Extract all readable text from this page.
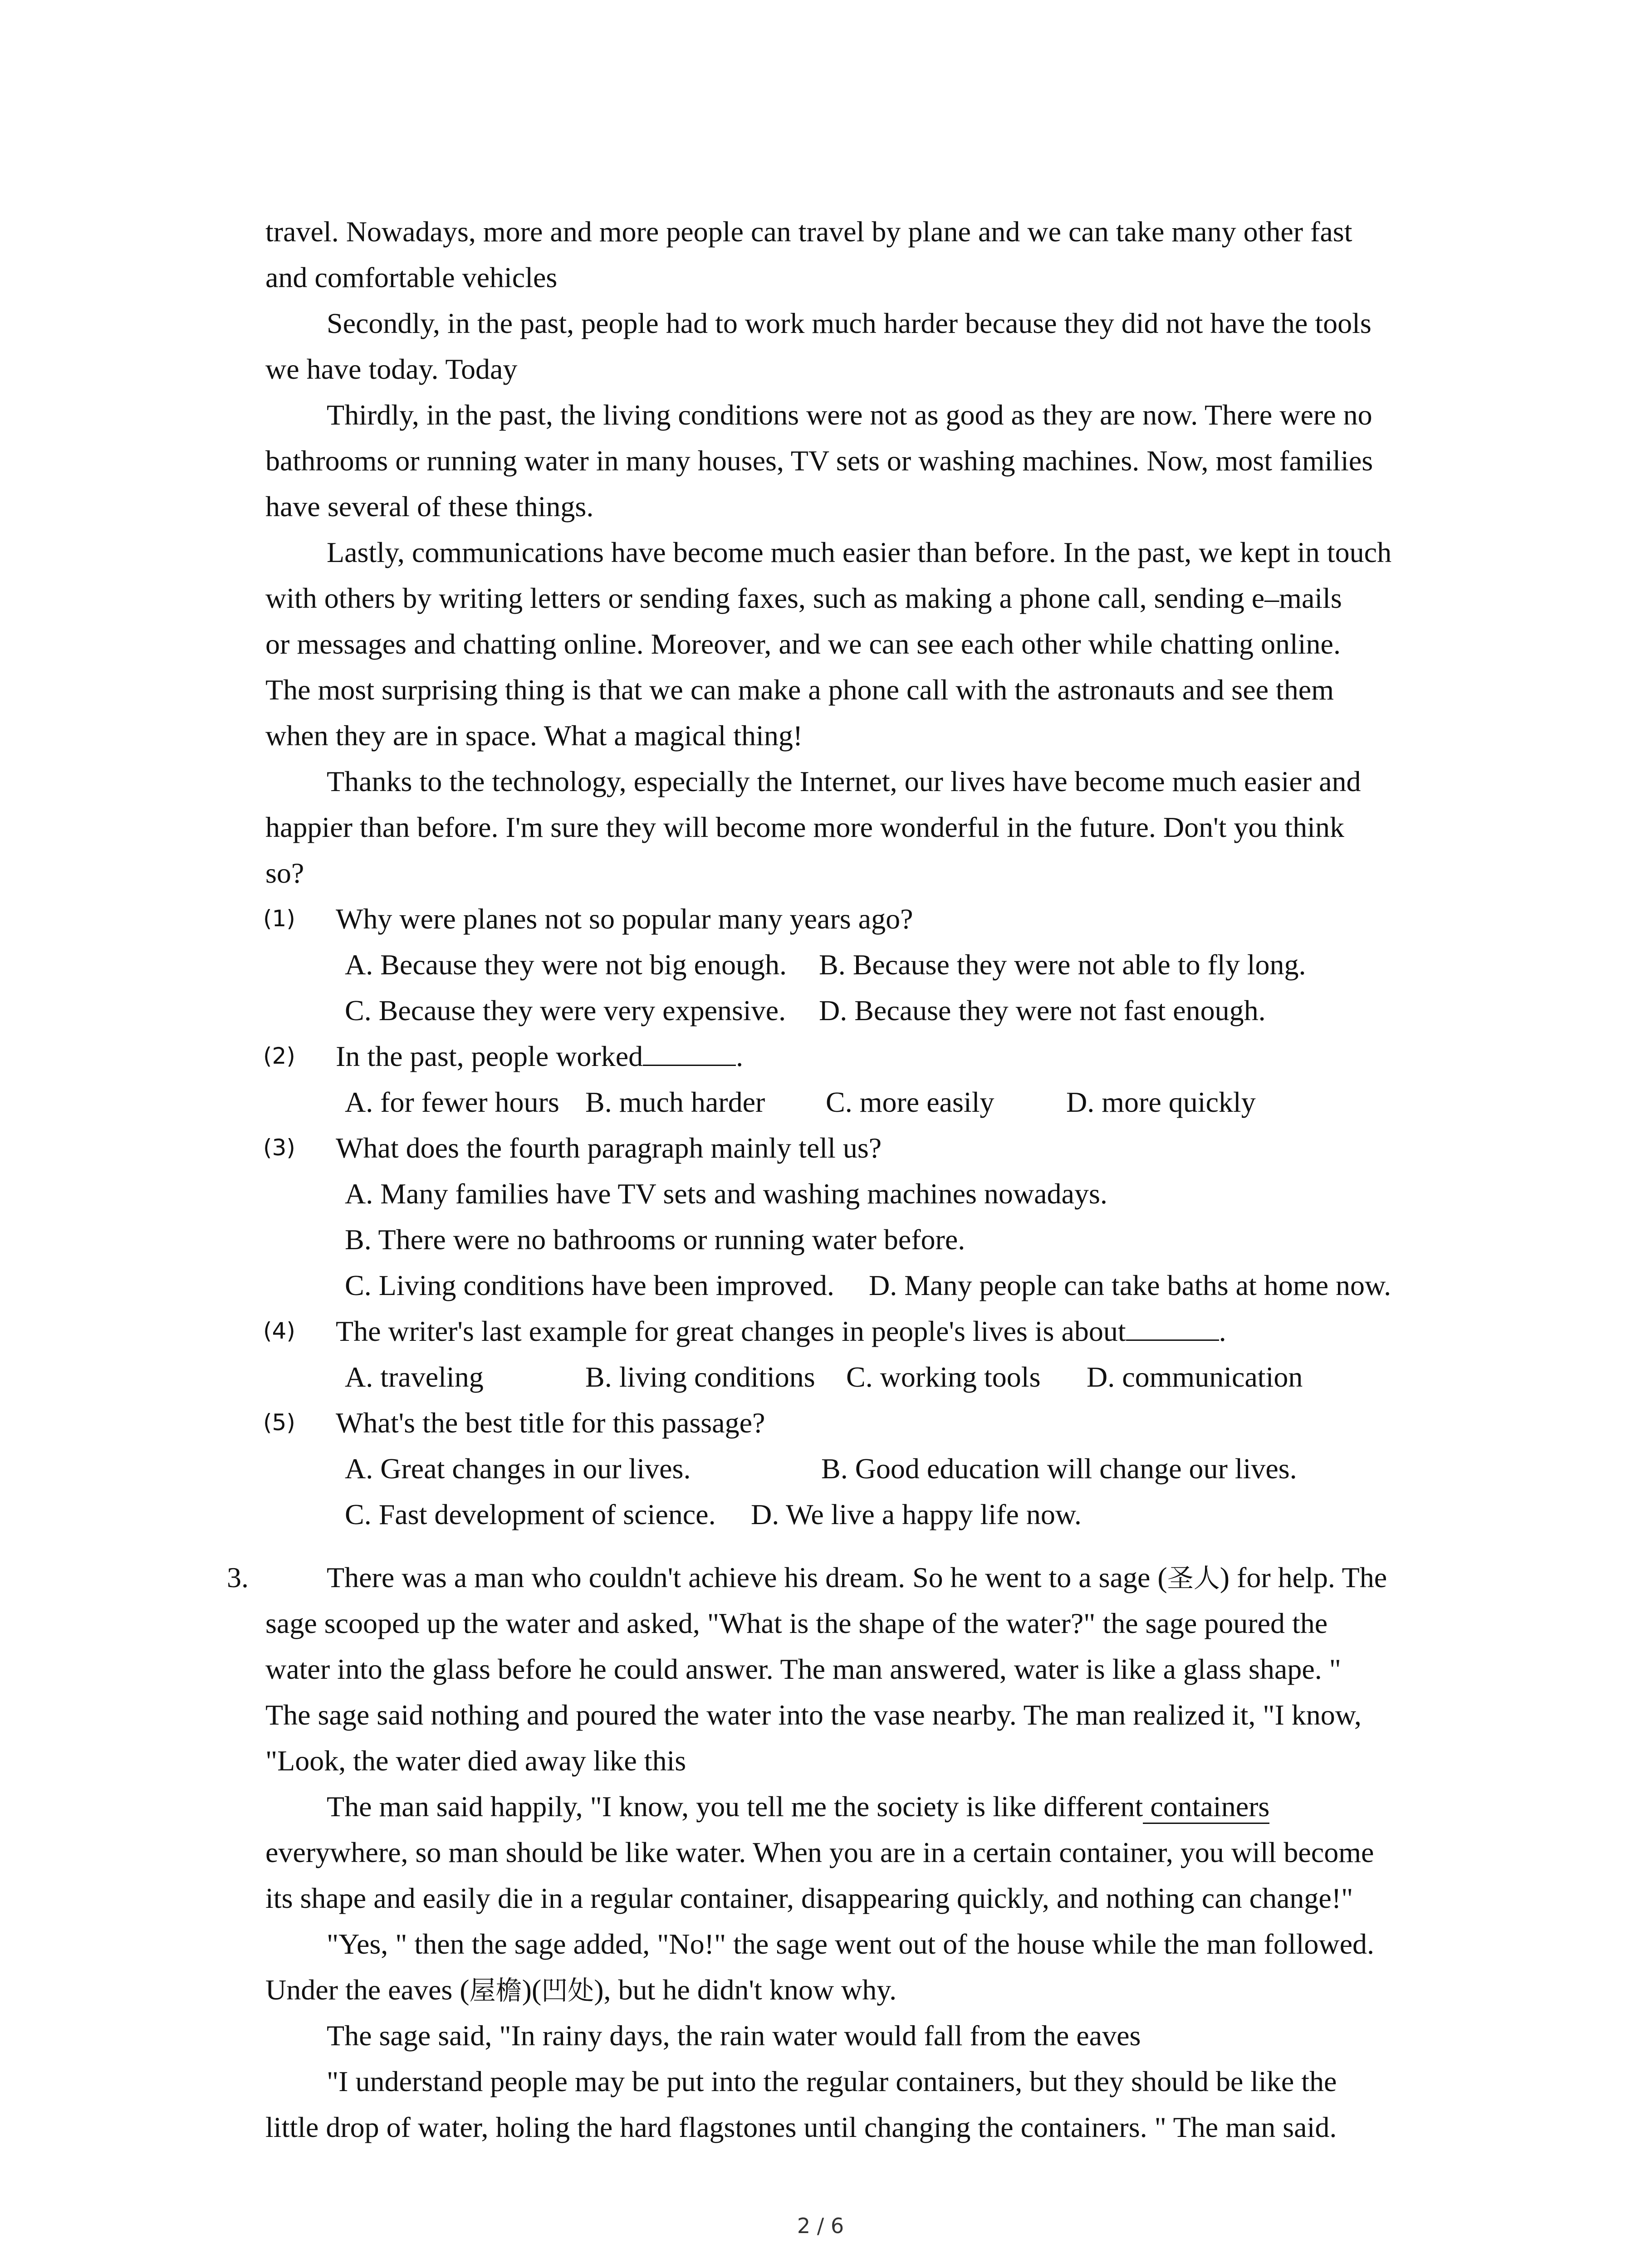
travel. Nowadays, more and more people can travel by plane and we can take many other fast
and comfortable vehicles
Secondly, in the past, people had to work much harder because they did not have the tools
we have today. Today
Thirdly, in the past, the living conditions were not as good as they are now. There were no
bathrooms or running water in many houses, TV sets or washing machines. Now, most families
have several of these things.
Lastly, communications have become much easier than before. In the past, we kept in touch
with others by writing letters or sending faxes, such as making a phone call, sending e–mails
or messages and chatting online. Moreover, and we can see each other while chatting online.
The most surprising thing is that we can make a phone call with the astronauts and see them
when they are in space. What a magical thing!
Thanks to the technology, especially the Internet, our lives have become much easier and
happier than before. I'm sure they will become more wonderful in the future. Don't you think
so?
(1) Why were planes not so popular many years ago?
A. Because they were not big enough.	B. Because they were not able to fly long.
C. Because they were very expensive.	D. Because they were not fast enough.
(2) In the past, people worked	.
A. for fewer hours B. much harder	C. more easily	D. more quickly
(3) What does the fourth paragraph mainly tell us?
A. Many families have TV sets and washing machines nowadays.
B. There were no bathrooms or running water before.
C. Living conditions have been improved.	D. Many people can take baths at home now.
(4) The writer's last example for great changes in people's lives is about	.
A. traveling	B. living conditions	C. working tools	D. communication
(5) What's the best title for this passage?
A. Great changes in our lives.	B. Good education will change our lives.
C. Fast development of science.	D. We live a happy life now.
3.	There was a man who couldn't achieve his dream. So he went to a sage (圣人) for help. The
sage scooped up the water and asked, "What is the shape of the water?" the sage poured the
water into the glass before he could answer. The man answered, water is like a glass shape. "
The sage said nothing and poured the water into the vase nearby. The man realized it, "I know,
"Look, the water died away like this
The man said happily, "I know, you tell me the society is like different containers
everywhere, so man should be like water. When you are in a certain container, you will become
its shape and easily die in a regular container, disappearing quickly, and nothing can change!"
"Yes, " then the sage added, "No!" the sage went out of the house while the man followed.
Under the eaves (屋檐)(凹处), but he didn't know why.
The sage said, "In rainy days, the rain water would fall from the eaves
"I understand people may be put into the regular containers, but they should be like the
little drop of water, holing the hard flagstones until changing the containers. " The man said.
2 / 6
